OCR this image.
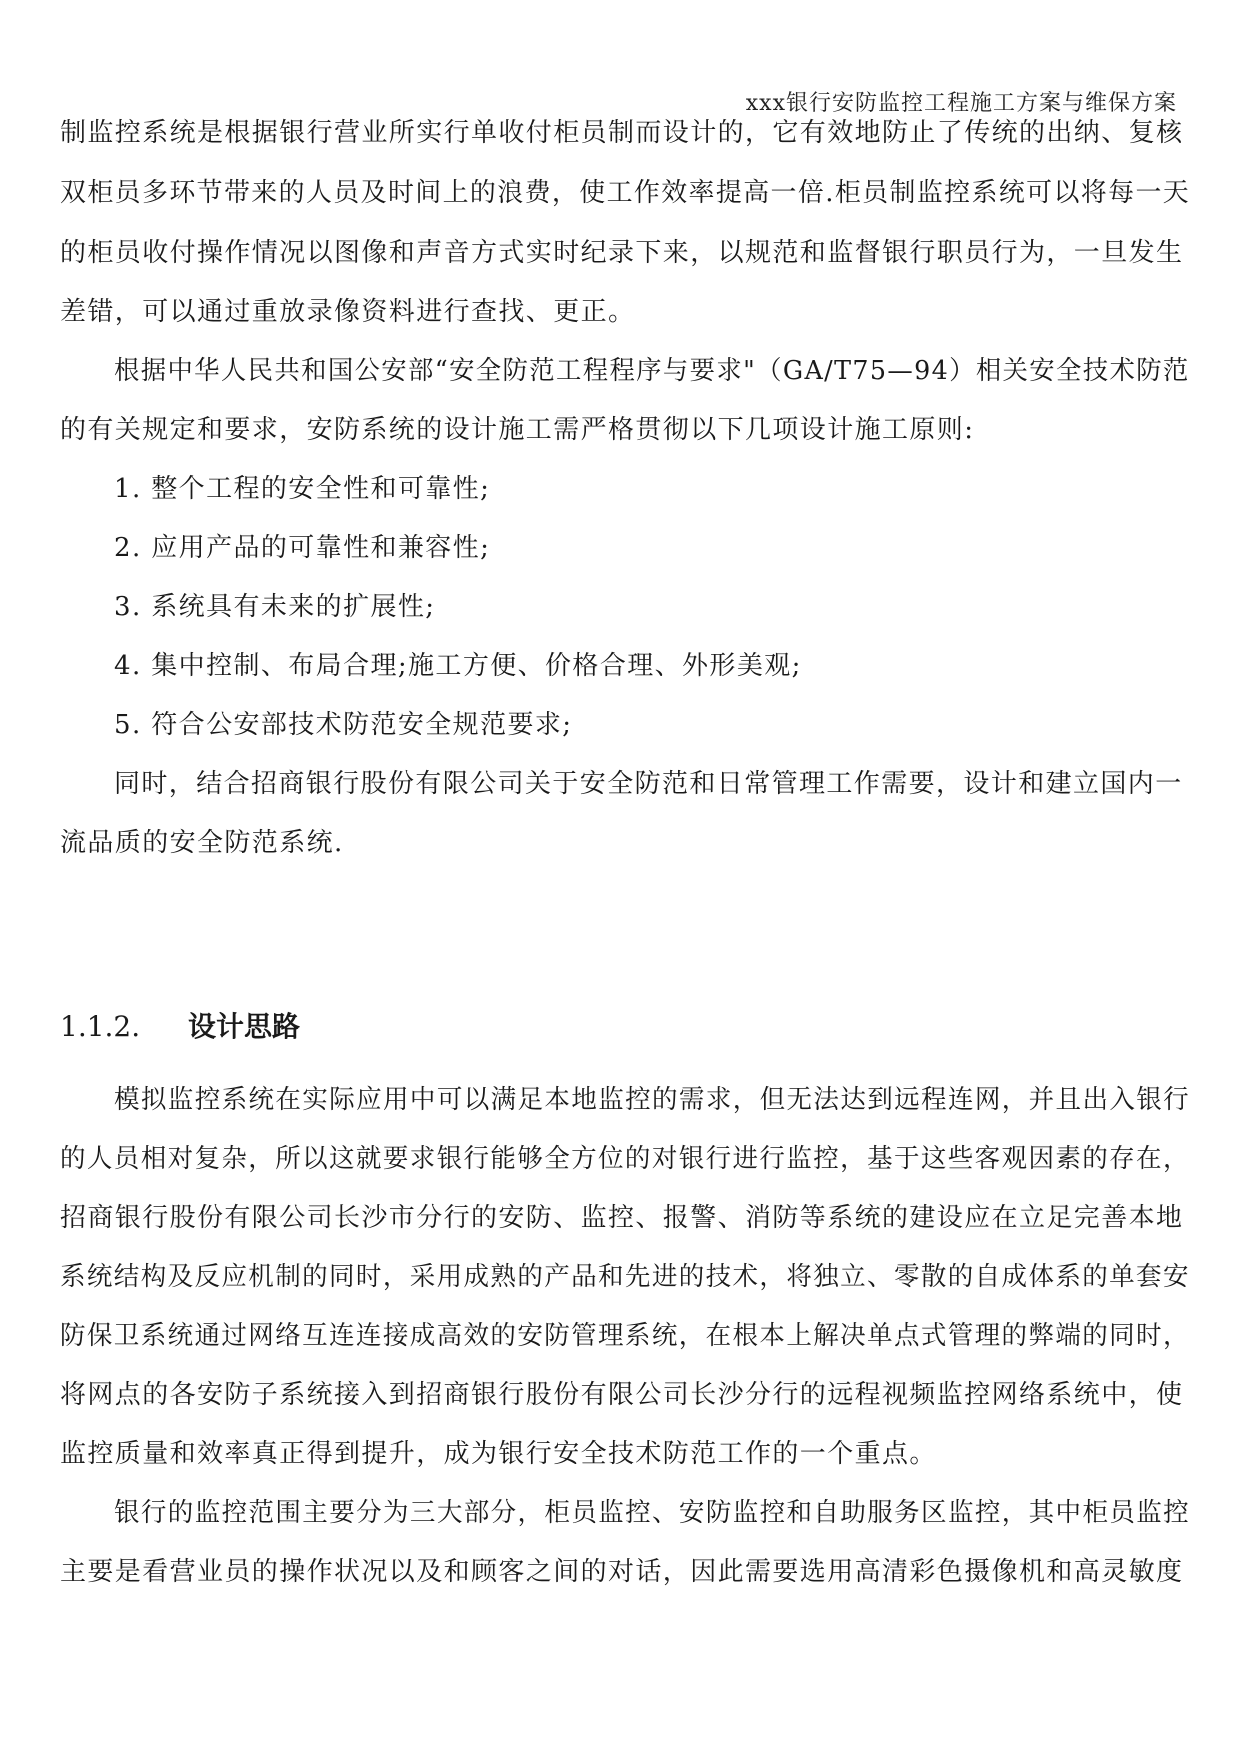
xxx银行安防监控工程施工方案与维保方案
制监控系统是根据银行营业所实行单收付柜员制而设计的，它有效地防止了传统的出纳、复核
双柜员多环节带来的人员及时间上的浪费，使工作效率提高一倍.柜员制监控系统可以将每一天
的柜员收付操作情况以图像和声音方式实时纪录下来，以规范和监督银行职员行为，一旦发生
差错，可以通过重放录像资料进行查找、更正。
根据中华人民共和国公安部“安全防范工程程序与要求"（GA/T75—94）相关安全技术防范
的有关规定和要求，安防系统的设计施工需严格贯彻以下几项设计施工原则:
1. 整个工程的安全性和可靠性;
2. 应用产品的可靠性和兼容性;
3. 系统具有未来的扩展性;
4. 集中控制、布局合理;施工方便、价格合理、外形美观;
5. 符合公安部技术防范安全规范要求;
同时，结合招商银行股份有限公司关于安全防范和日常管理工作需要，设计和建立国内一
流品质的安全防范系统.
1.1.2. 设计思路
模拟监控系统在实际应用中可以满足本地监控的需求，但无法达到远程连网，并且出入银行
的人员相对复杂，所以这就要求银行能够全方位的对银行进行监控，基于这些客观因素的存在，
招商银行股份有限公司长沙市分行的安防、监控、报警、消防等系统的建设应在立足完善本地
系统结构及反应机制的同时，采用成熟的产品和先进的技术，将独立、零散的自成体系的单套安
防保卫系统通过网络互连连接成高效的安防管理系统，在根本上解决单点式管理的弊端的同时，
将网点的各安防子系统接入到招商银行股份有限公司长沙分行的远程视频监控网络系统中，使
监控质量和效率真正得到提升，成为银行安全技术防范工作的一个重点。
银行的监控范围主要分为三大部分，柜员监控、安防监控和自助服务区监控，其中柜员监控
主要是看营业员的操作状况以及和顾客之间的对话，因此需要选用高清彩色摄像机和高灵敏度
